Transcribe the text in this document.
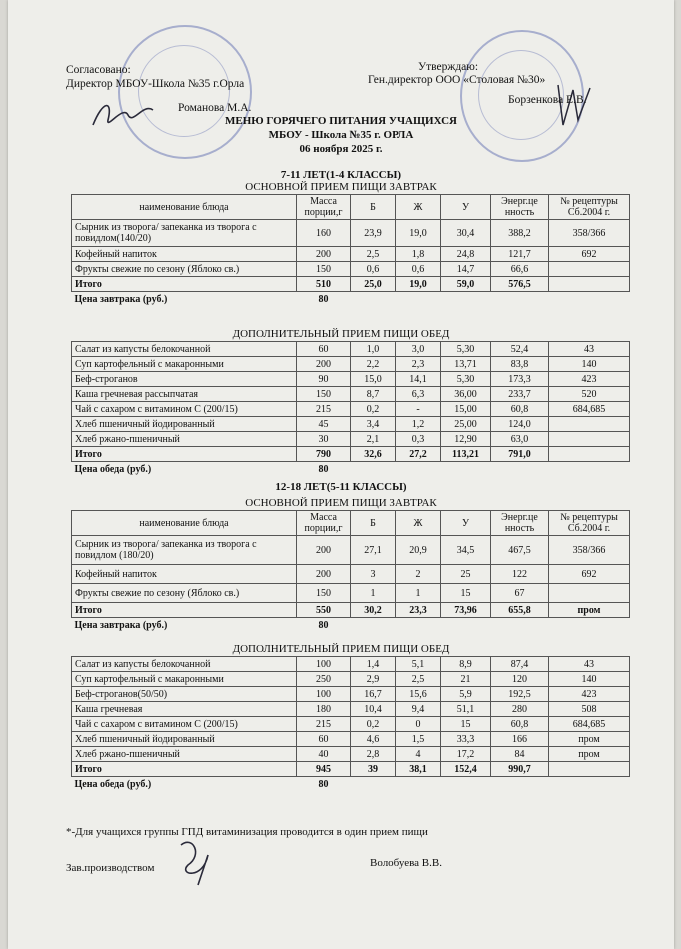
Согласовано:
Директор МБОУ-Школа №35 г.Орла
Романова М.А.
Утверждаю:
Ген.директор ООО «Столовая №30»
Борзенкова Е.В.
МЕНЮ ГОРЯЧЕГО ПИТАНИЯ УЧАЩИХСЯ
МБОУ - Школа №35 г. ОРЛА
06 ноября 2025 г.
7-11 ЛЕТ(1-4 КЛАССЫ)
ОСНОВНОЙ ПРИЕМ ПИЩИ ЗАВТРАК
наименование блюда	Масса порции,г	Б	Ж	У	Энерг.це нность	№ рецептуры Сб.2004 г.
Сырник из творога/ запеканка из творога с повидлом(140/20)	160	23,9	19,0	30,4	388,2	358/366
Кофейный напиток	200	2,5	1,8	24,8	121,7	692
Фрукты свежие по сезону (Яблоко св.)	150	0,6	0,6	14,7	66,6	
Итого	510	25,0	19,0	59,0	576,5	
Цена завтрака (руб.)	80					
ДОПОЛНИТЕЛЬНЫЙ ПРИЕМ ПИЩИ ОБЕД
Салат из капусты белокочанной	60	1,0	3,0	5,30	52,4	43
Суп картофельный с макаронными	200	2,2	2,3	13,71	83,8	140
Беф-строганов	90	15,0	14,1	5,30	173,3	423
Каша гречневая рассыпчатая	150	8,7	6,3	36,00	233,7	520
Чай с сахаром с витамином С (200/15)	215	0,2	-	15,00	60,8	684,685
Хлеб пшеничный йодированный	45	3,4	1,2	25,00	124,0	
Хлеб ржано-пшеничный	30	2,1	0,3	12,90	63,0	
Итого	790	32,6	27,2	113,21	791,0	
Цена обеда (руб.)	80					
12-18 ЛЕТ(5-11 КЛАССЫ)
ОСНОВНОЙ ПРИЕМ ПИЩИ ЗАВТРАК
наименование блюда	Масса порции,г	Б	Ж	У	Энерг.це нность	№ рецептуры Сб.2004 г.
Сырник из творога/ запеканка из творога с повидлом (180/20)	200	27,1	20,9	34,5	467,5	358/366
Кофейный напиток	200	3	2	25	122	692
Фрукты свежие по сезону (Яблоко св.)	150	1	1	15	67	
Итого	550	30,2	23,3	73,96	655,8	пром
Цена завтрака (руб.)	80					
ДОПОЛНИТЕЛЬНЫЙ ПРИЕМ ПИЩИ ОБЕД
Салат из капусты белокочанной	100	1,4	5,1	8,9	87,4	43
Суп картофельный с макаронными	250	2,9	2,5	21	120	140
Беф-строганов(50/50)	100	16,7	15,6	5,9	192,5	423
Каша гречневая	180	10,4	9,4	51,1	280	508
Чай с сахаром с витамином С (200/15)	215	0,2	0	15	60,8	684,685
Хлеб пшеничный йодированный	60	4,6	1,5	33,3	166	пром
Хлеб ржано-пшеничный	40	2,8	4	17,2	84	пром
Итого	945	39	38,1	152,4	990,7	
Цена обеда (руб.)	80					
*-Для учащихся группы ГПД витаминизация проводится в один прием пищи
Зав.производством	Волобуева В.В.
